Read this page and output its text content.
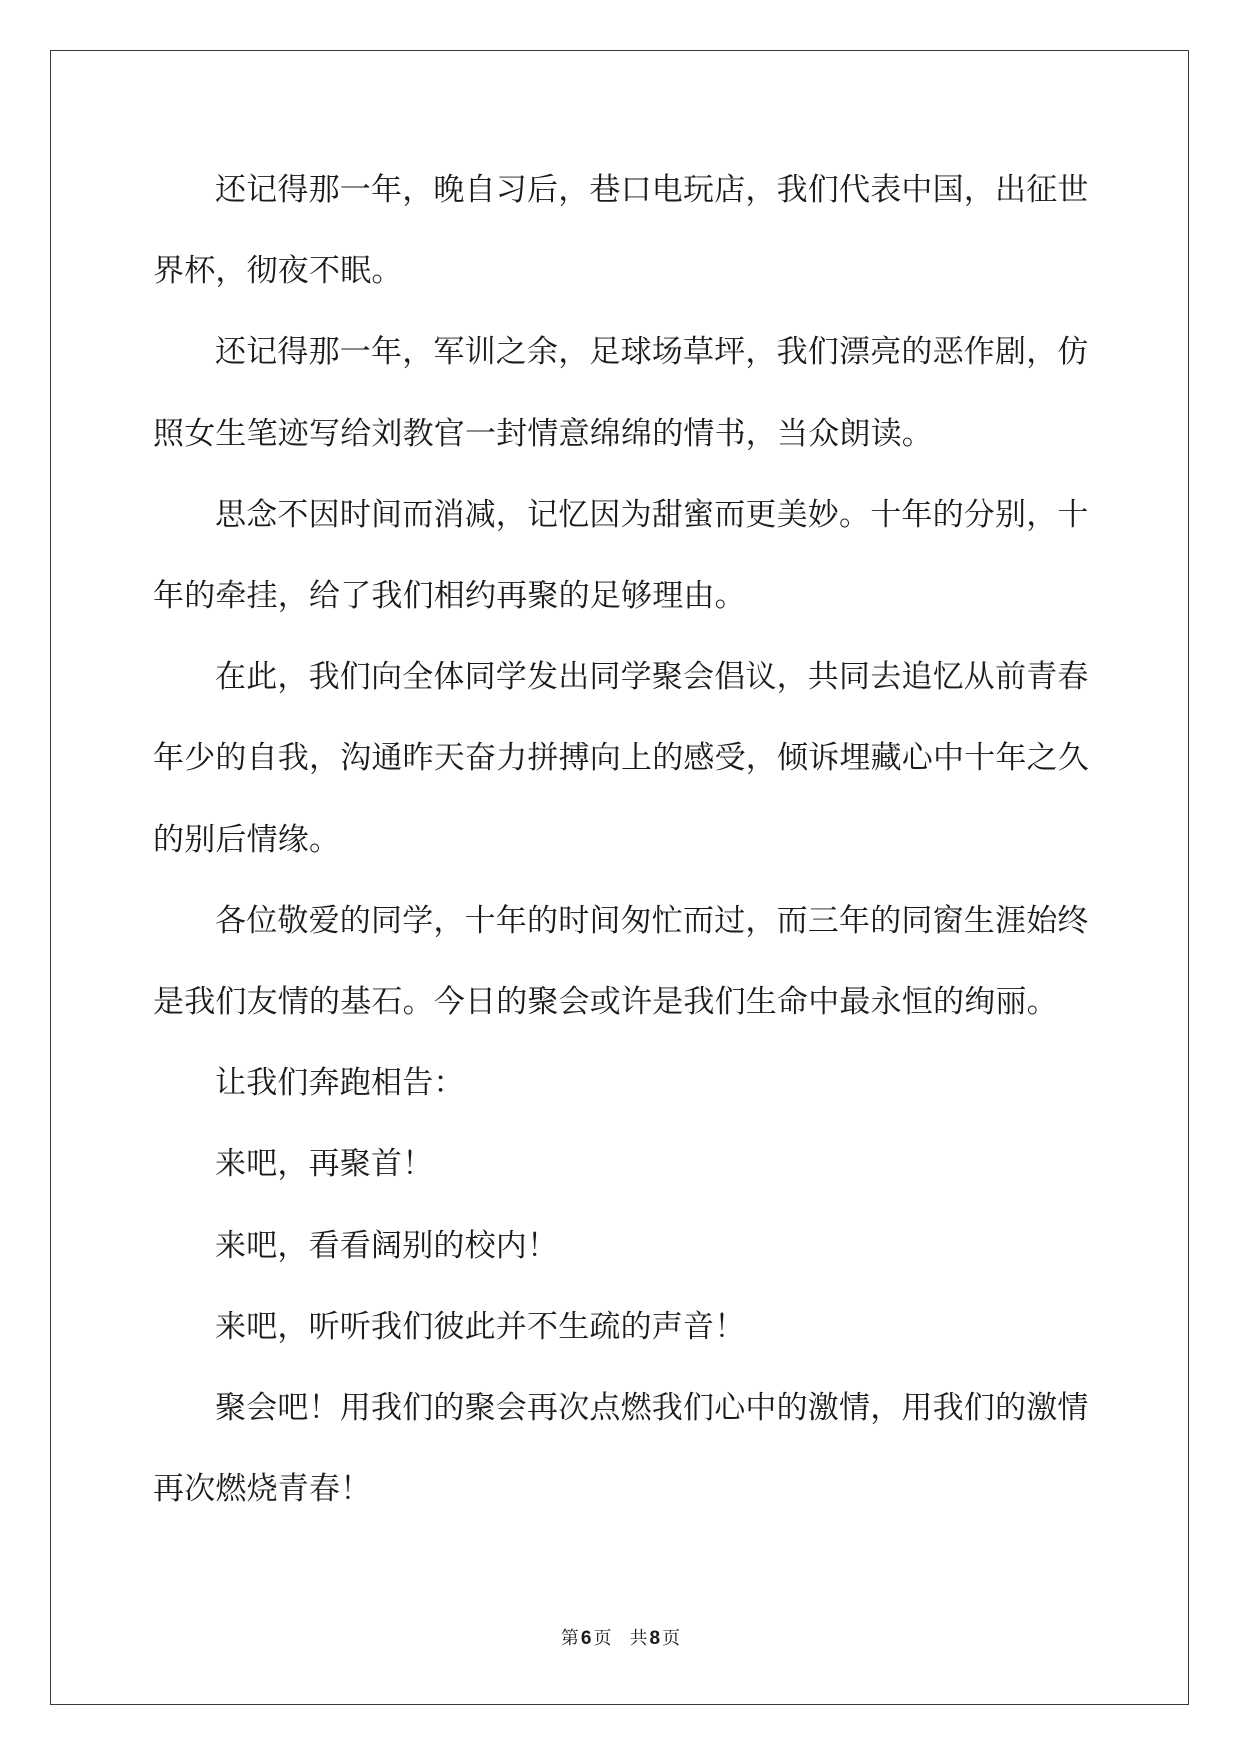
还记得那一年，晚自习后，巷口电玩店，我们代表中国，出征世界杯，彻夜不眠。

还记得那一年，军训之余，足球场草坪，我们漂亮的恶作剧，仿照女生笔迹写给刘教官一封情意绵绵的情书，当众朗读。

思念不因时间而消减，记忆因为甜蜜而更美妙。十年的分别，十年的牵挂，给了我们相约再聚的足够理由。

在此，我们向全体同学发出同学聚会倡议，共同去追忆从前青春年少的自我，沟通昨天奋力拼搏向上的感受，倾诉埋藏心中十年之久的别后情缘。

各位敬爱的同学，十年的时间匆忙而过，而三年的同窗生涯始终是我们友情的基石。今日的聚会或许是我们生命中最永恒的绚丽。

让我们奔跑相告：

来吧，再聚首！

来吧，看看阔别的校内！

来吧，听听我们彼此并不生疏的声音！

聚会吧！用我们的聚会再次点燃我们心中的激情，用我们的激情再次燃烧青春！

第 6 页 共 8 页
